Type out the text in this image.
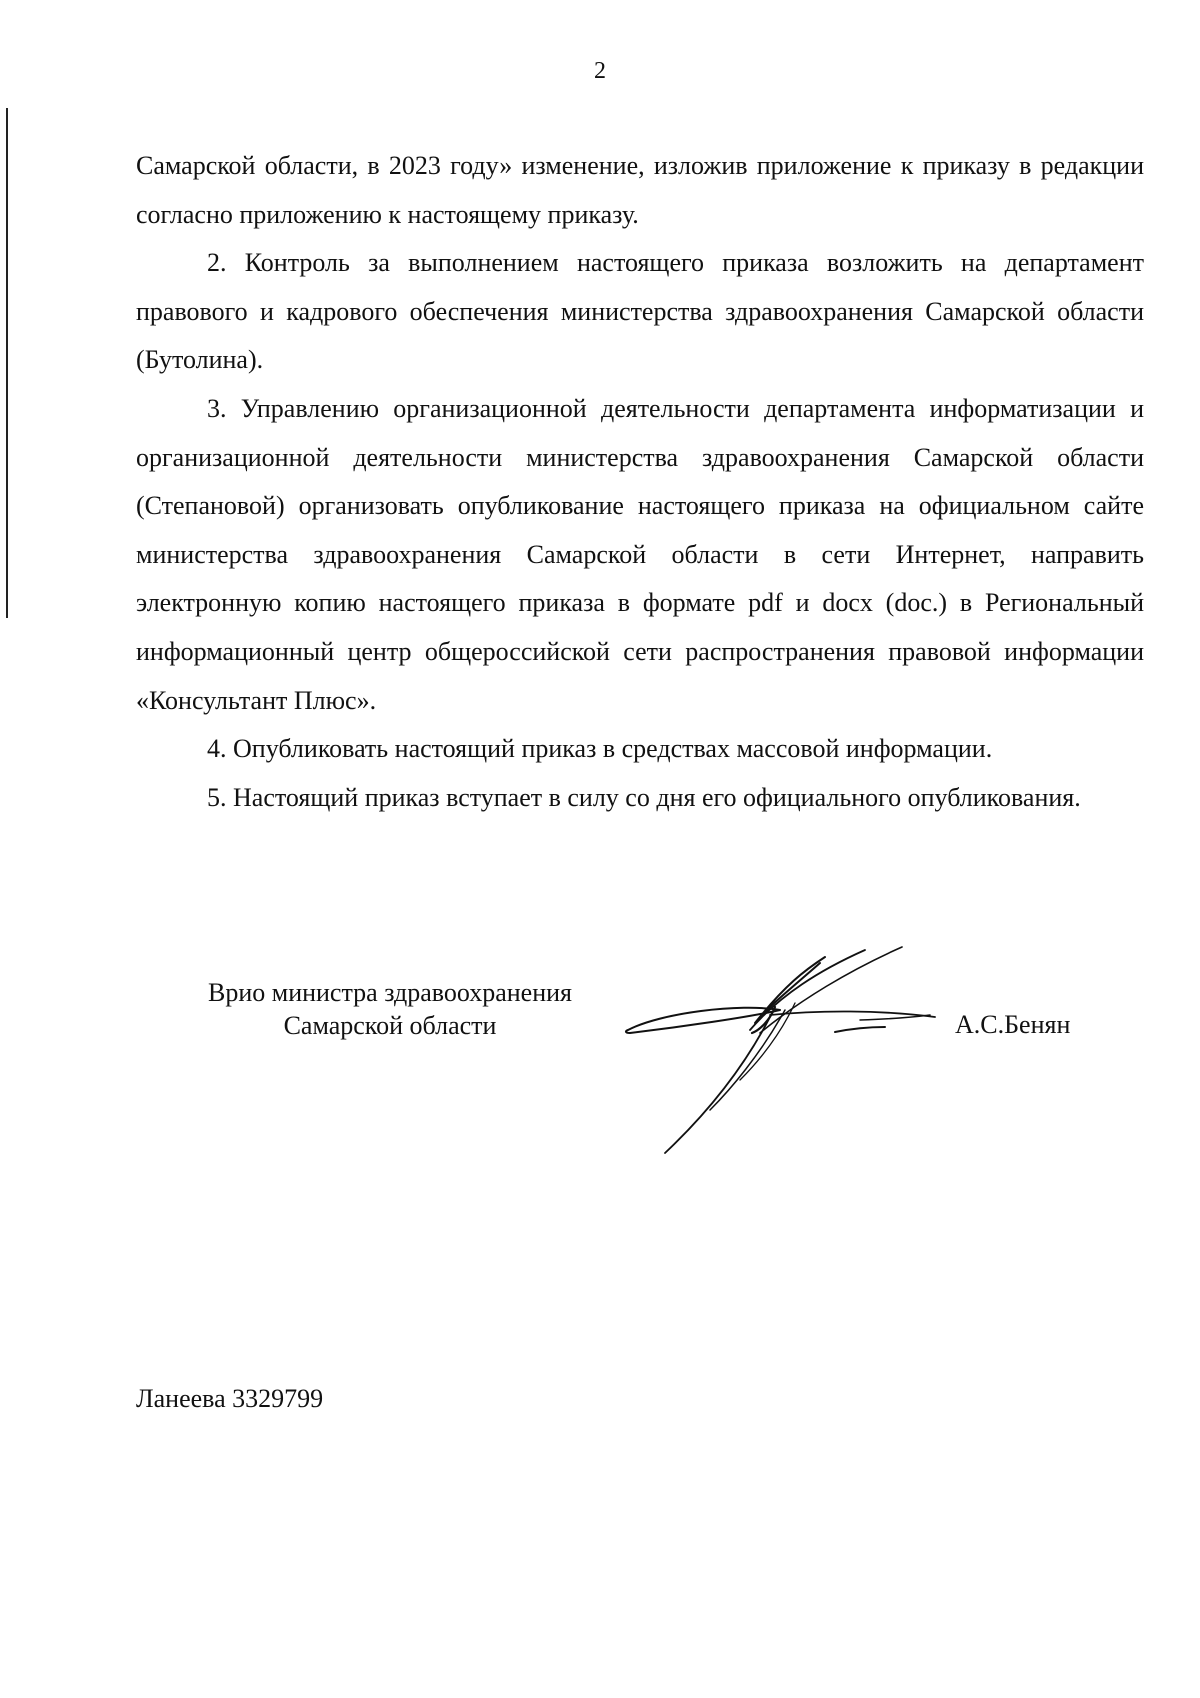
2

Самарской области, в 2023 году» изменение, изложив приложение к приказу в редакции согласно приложению к настоящему приказу.

2. Контроль за выполнением настоящего приказа возложить на департамент правового и кадрового обеспечения министерства здравоохранения Самарской области (Бутолина).

3. Управлению организационной деятельности департамента информатизации и организационной деятельности министерства здравоохранения Самарской области (Степановой) организовать опубликование настоящего приказа на официальном сайте министерства здравоохранения Самарской области в сети Интернет, направить электронную копию настоящего приказа в формате pdf и docx (doc.) в Региональный информационный центр общероссийской сети распространения правовой информации «Консультант Плюс».

4. Опубликовать настоящий приказ в средствах массовой информации.

5. Настоящий приказ вступает в силу со дня его официального опубликования.

Врио министра здравоохранения
Самарской области	А.С.Бенян
Ланеева 3329799
